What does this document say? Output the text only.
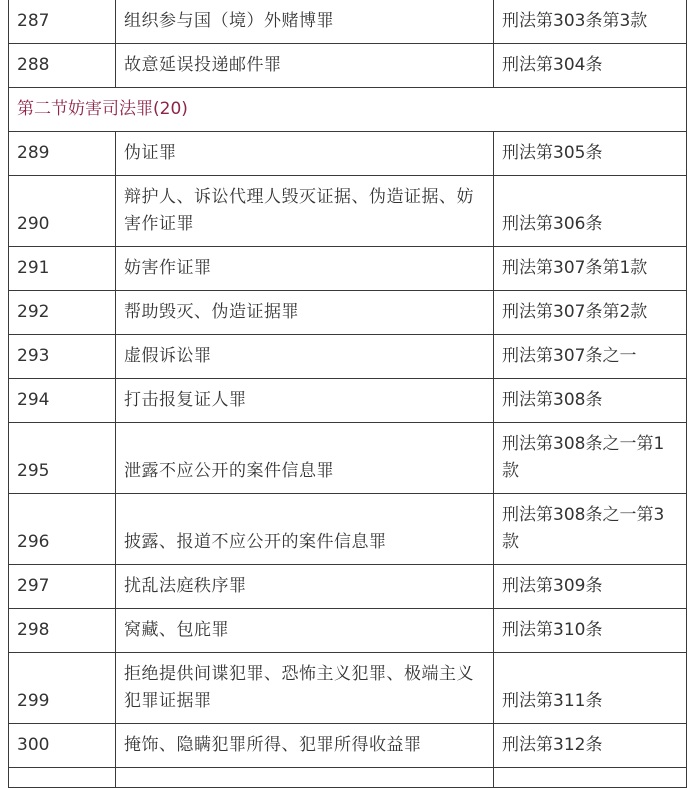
287	组织参与国（境）外赌博罪	刑法第303条第3款
288	故意延误投递邮件罪	刑法第304条
第二节妨害司法罪(20)		
289	伪证罪	刑法第305条
290	辩护人、诉讼代理人毁灭证据、伪造证据、妨害作证罪	刑法第306条
291	妨害作证罪	刑法第307条第1款
292	帮助毁灭、伪造证据罪	刑法第307条第2款
293	虚假诉讼罪	刑法第307条之一
294	打击报复证人罪	刑法第308条
295	泄露不应公开的案件信息罪	刑法第308条之一第1款
296	披露、报道不应公开的案件信息罪	刑法第308条之一第3款
297	扰乱法庭秩序罪	刑法第309条
298	窝藏、包庇罪	刑法第310条
299	拒绝提供间谍犯罪、恐怖主义犯罪、极端主义犯罪证据罪	刑法第311条
300	掩饰、隐瞒犯罪所得、犯罪所得收益罪	刑法第312条
